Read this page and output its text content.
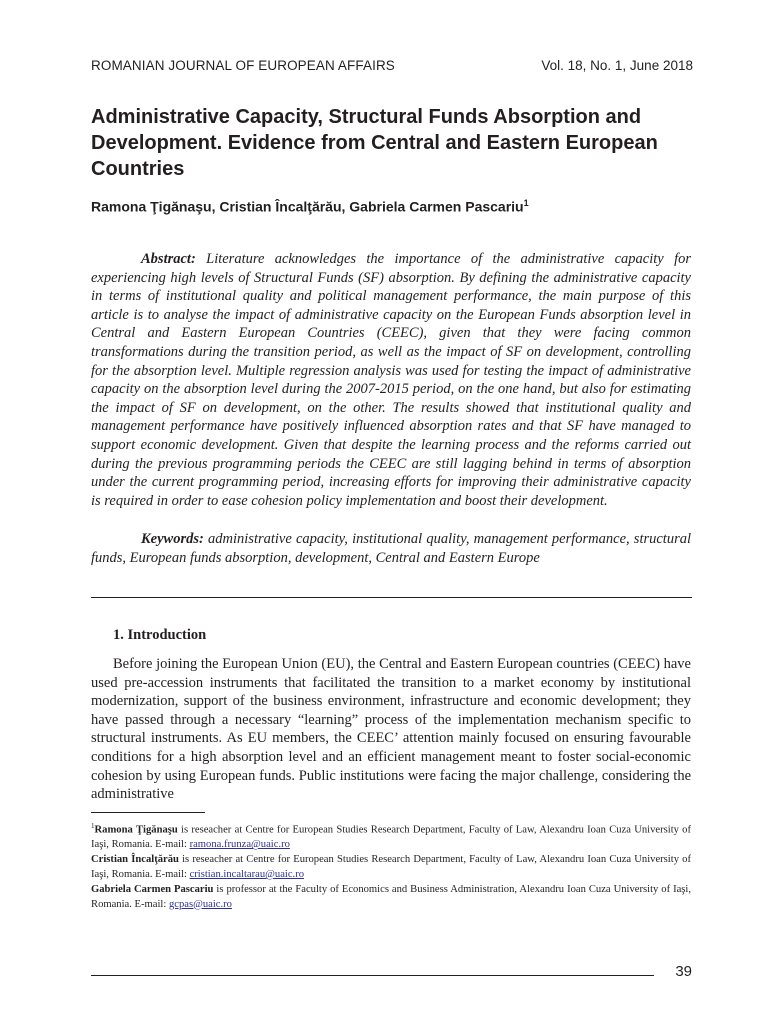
ROMANIAN JOURNAL OF EUROPEAN AFFAIRS	Vol. 18, No. 1, June 2018
Administrative Capacity, Structural Funds Absorption and Development. Evidence from Central and Eastern European Countries
Ramona Ţigănaşu, Cristian Încalţărău, Gabriela Carmen Pascariu$^1$

Abstract: Literature acknowledges the importance of the administrative capacity for experiencing high levels of Structural Funds (SF) absorption. By defining the administrative capacity in terms of institutional quality and political management performance, the main purpose of this article is to analyse the impact of administrative capacity on the European Funds absorption level in Central and Eastern European Countries (CEEC), given that they were facing common transformations during the transition period, as well as the impact of SF on development, controlling for the absorption level. Multiple regression analysis was used for testing the impact of administrative capacity on the absorption level during the 2007-2015 period, on the one hand, but also for estimating the impact of SF on development, on the other. The results showed that institutional quality and management performance have positively influenced absorption rates and that SF have managed to support economic development. Given that despite the learning process and the reforms carried out during the previous programming periods the CEEC are still lagging behind in terms of absorption under the current programming period, increasing efforts for improving their administrative capacity is required in order to ease cohesion policy implementation and boost their development.

Keywords: administrative capacity, institutional quality, management performance, structural funds, European funds absorption, development, Central and Eastern Europe

1. Introduction

Before joining the European Union (EU), the Central and Eastern European countries (CEEC) have used pre-accession instruments that facilitated the transition to a market economy by institutional modernization, support of the business environment, infrastructure and economic development; they have passed through a necessary “learning” process of the implementation mechanism specific to structural instruments. As EU members, the CEEC’ attention mainly focused on ensuring favourable conditions for a high absorption level and an efficient management meant to foster social-economic cohesion by using European funds. Public institutions were facing the major challenge, considering the administrative

$^1$Ramona Ţigănaşu is reseacher at Centre for European Studies Research Department, Faculty of Law, Alexandru Ioan Cuza University of Iaşi, Romania. E-mail: ramona.frunza@uaic.ro

Cristian Încalţărău is reseacher at Centre for European Studies Research Department, Faculty of Law, Alexandru Ioan Cuza University of Iaşi, Romania. E-mail: cristian.incaltarau@uaic.ro

Gabriela Carmen Pascariu is professor at the Faculty of Economics and Business Administration, Alexandru Ioan Cuza University of Iaşi, Romania. E-mail: gcpas@uaic.ro

39
